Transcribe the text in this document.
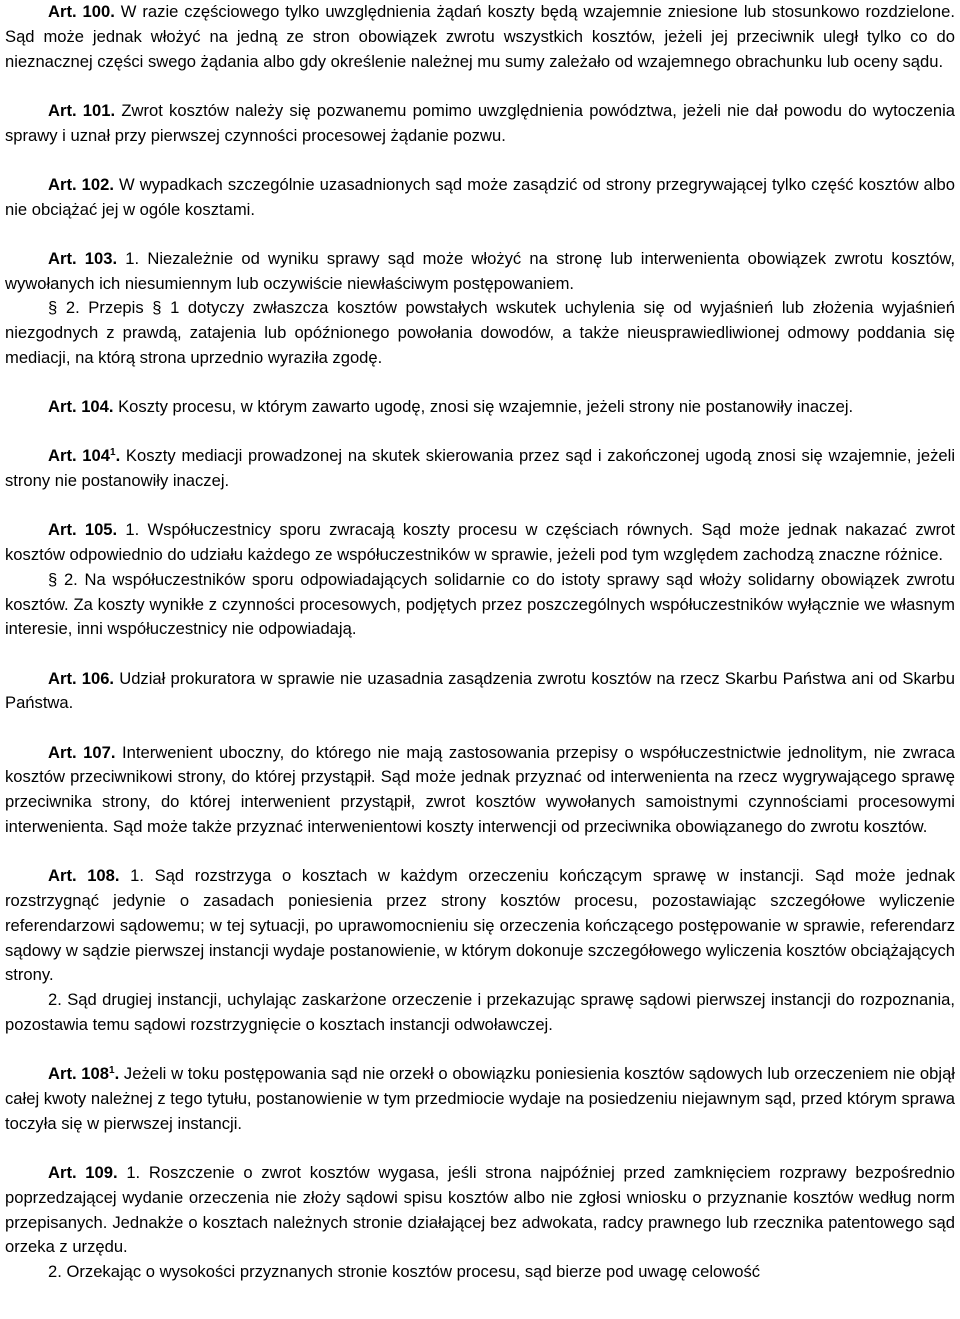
Art. 100. W razie częściowego tylko uwzględnienia żądań koszty będą wzajemnie zniesione lub stosunkowo rozdzielone. Sąd może jednak włożyć na jedną ze stron obowiązek zwrotu wszystkich kosztów, jeżeli jej przeciwnik uległ tylko co do nieznacznej części swego żądania albo gdy określenie należnej mu sumy zależało od wzajemnego obrachunku lub oceny sądu.

Art. 101. Zwrot kosztów należy się pozwanemu pomimo uwzględnienia powództwa, jeżeli nie dał powodu do wytoczenia sprawy i uznał przy pierwszej czynności procesowej żądanie pozwu.

Art. 102. W wypadkach szczególnie uzasadnionych sąd może zasądzić od strony przegrywającej tylko część kosztów albo nie obciążać jej w ogóle kosztami.

Art. 103. 1. Niezależnie od wyniku sprawy sąd może włożyć na stronę lub interwenienta obowiązek zwrotu kosztów, wywołanych ich niesumiennym lub oczywiście niewłaściwym postępowaniem.

§ 2. Przepis § 1 dotyczy zwłaszcza kosztów powstałych wskutek uchylenia się od wyjaśnień lub złożenia wyjaśnień niezgodnych z prawdą, zatajenia lub opóźnionego powołania dowodów, a także nieusprawiedliwionej odmowy poddania się mediacji, na którą strona uprzednio wyraziła zgodę.

Art. 104. Koszty procesu, w którym zawarto ugodę, znosi się wzajemnie, jeżeli strony nie postanowiły inaczej.

Art. $104^1$. Koszty mediacji prowadzonej na skutek skierowania przez sąd i zakończonej ugodą znosi się wzajemnie, jeżeli strony nie postanowiły inaczej.

Art. 105. 1. Współuczestnicy sporu zwracają koszty procesu w częściach równych. Sąd może jednak nakazać zwrot kosztów odpowiednio do udziału każdego ze współuczestników w sprawie, jeżeli pod tym względem zachodzą znaczne różnice.

§ 2. Na współuczestników sporu odpowiadających solidarnie co do istoty sprawy sąd włoży solidarny obowiązek zwrotu kosztów. Za koszty wynikłe z czynności procesowych, podjętych przez poszczególnych współuczestników wyłącznie we własnym interesie, inni współuczestnicy nie odpowiadają.

Art. 106. Udział prokuratora w sprawie nie uzasadnia zasądzenia zwrotu kosztów na rzecz Skarbu Państwa ani od Skarbu Państwa.

Art. 107. Interwenient uboczny, do którego nie mają zastosowania przepisy o współuczestnictwie jednolitym, nie zwraca kosztów przeciwnikowi strony, do której przystąpił. Sąd może jednak przyznać od interwenienta na rzecz wygrywającego sprawę przeciwnika strony, do której interwenient przystąpił, zwrot kosztów wywołanych samoistnymi czynnościami procesowymi interwenienta. Sąd może także przyznać interwenientowi koszty interwencji od przeciwnika obowiązanego do zwrotu kosztów.

Art. 108. 1. Sąd rozstrzyga o kosztach w każdym orzeczeniu kończącym sprawę w instancji. Sąd może jednak rozstrzygnąć jedynie o zasadach poniesienia przez strony kosztów procesu, pozostawiając szczegółowe wyliczenie referendarzowi sądowemu; w tej sytuacji, po uprawomocnieniu się orzeczenia kończącego postępowanie w sprawie, referendarz sądowy w sądzie pierwszej instancji wydaje postanowienie, w którym dokonuje szczegółowego wyliczenia kosztów obciążających strony.

2. Sąd drugiej instancji, uchylając zaskarżone orzeczenie i przekazując sprawę sądowi pierwszej instancji do rozpoznania, pozostawia temu sądowi rozstrzygnięcie o kosztach instancji odwoławczej.

Art. $108^1$. Jeżeli w toku postępowania sąd nie orzekł o obowiązku poniesienia kosztów sądowych lub orzeczeniem nie objął całej kwoty należnej z tego tytułu, postanowienie w tym przedmiocie wydaje na posiedzeniu niejawnym sąd, przed którym sprawa toczyła się w pierwszej instancji.

Art. 109. 1. Roszczenie o zwrot kosztów wygasa, jeśli strona najpóźniej przed zamknięciem rozprawy bezpośrednio poprzedzającej wydanie orzeczenia nie złoży sądowi spisu kosztów albo nie zgłosi wniosku o przyznanie kosztów według norm przepisanych. Jednakże o kosztach należnych stronie działającej bez adwokata, radcy prawnego lub rzecznika patentowego sąd orzeka z urzędu.

2. Orzekając o wysokości przyznanych stronie kosztów procesu, sąd bierze pod uwagę celowość
